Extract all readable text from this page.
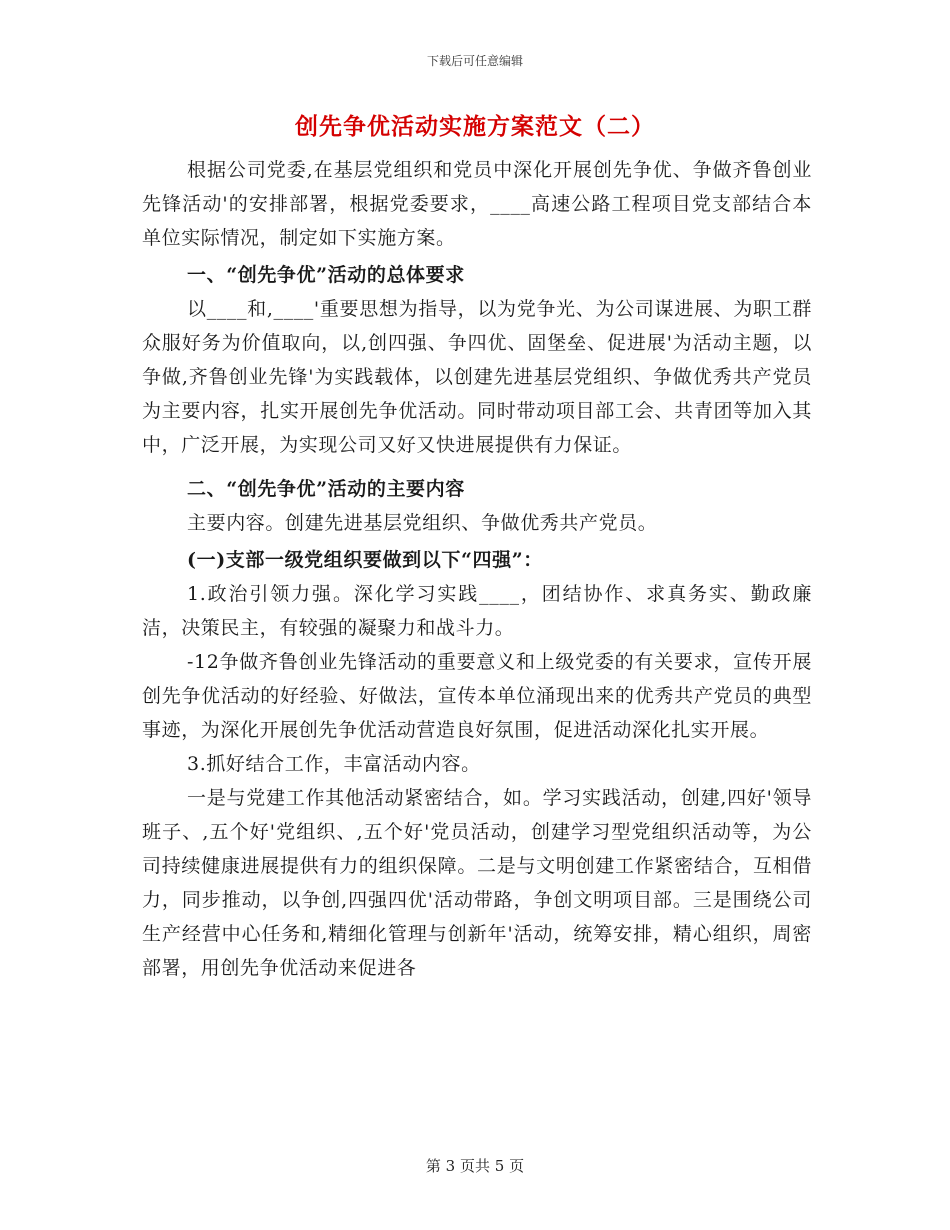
下载后可任意编辑
创先争优活动实施方案范文（二）

根据公司党委,在基层党组织和党员中深化开展创先争优、争做齐鲁创业先锋活动'的安排部署，根据党委要求，____高速公路工程项目党支部结合本单位实际情况，制定如下实施方案。

一、“创先争优”活动的总体要求

以____和,____'重要思想为指导，以为党争光、为公司谋进展、为职工群众服好务为价值取向，以,创四强、争四优、固堡垒、促进展'为活动主题，以争做,齐鲁创业先锋'为实践载体，以创建先进基层党组织、争做优秀共产党员为主要内容，扎实开展创先争优活动。同时带动项目部工会、共青团等加入其中，广泛开展，为实现公司又好又快进展提供有力保证。

二、“创先争优”活动的主要内容

主要内容。创建先进基层党组织、争做优秀共产党员。

(一)支部一级党组织要做到以下“四强”：

1.政治引领力强。深化学习实践____，团结协作、求真务实、勤政廉洁，决策民主，有较强的凝聚力和战斗力。

-12争做齐鲁创业先锋活动的重要意义和上级党委的有关要求，宣传开展创先争优活动的好经验、好做法，宣传本单位涌现出来的优秀共产党员的典型事迹，为深化开展创先争优活动营造良好氛围，促进活动深化扎实开展。

3.抓好结合工作，丰富活动内容。

一是与党建工作其他活动紧密结合，如。学习实践活动，创建,四好'领导班子、,五个好'党组织、,五个好'党员活动，创建学习型党组织活动等，为公司持续健康进展提供有力的组织保障。二是与文明创建工作紧密结合，互相借力，同步推动，以争创,四强四优'活动带路，争创文明项目部。三是围绕公司生产经营中心任务和,精细化管理与创新年'活动，统筹安排，精心组织，周密部署，用创先争优活动来促进各

第 3 页共 5 页
